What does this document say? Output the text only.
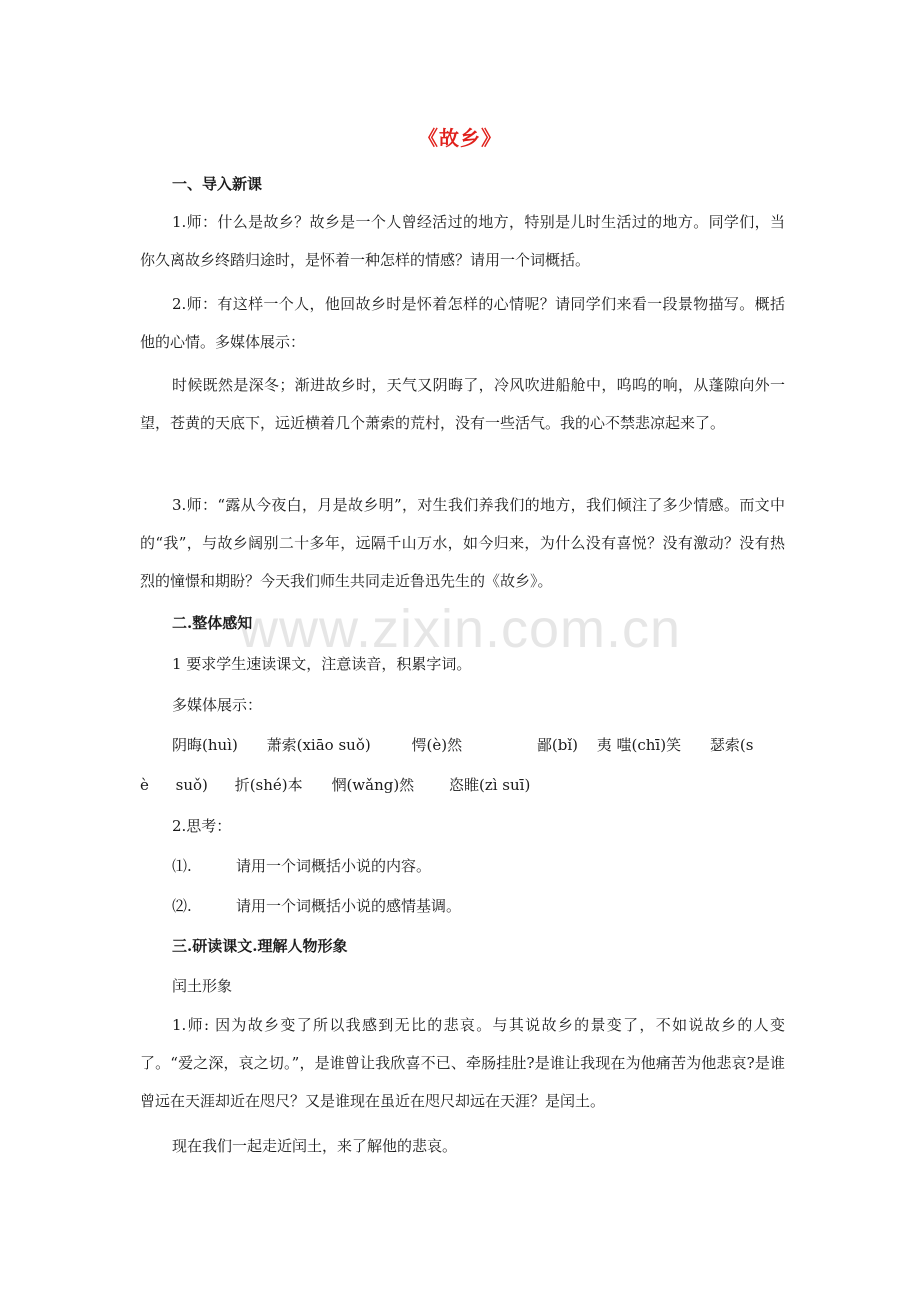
www.zixin.com.cn
《故乡》
一、导入新课
1.师：什么是故乡？故乡是一个人曾经活过的地方，特别是儿时生活过的地方。同学们，当你久离故乡终踏归途时，是怀着一种怎样的情感？请用一个词概括。
2.师：有这样一个人，他回故乡时是怀着怎样的心情呢？请同学们来看一段景物描写。概括他的心情。多媒体展示：
时候既然是深冬；渐进故乡时，天气又阴晦了，冷风吹进船舱中，呜呜的响，从蓬隙向外一望，苍黄的天底下，远近横着几个萧索的荒村，没有一些活气。我的心不禁悲凉起来了。
3.师：“露从今夜白，月是故乡明”，对生我们养我们的地方，我们倾注了多少情感。而文中的“我”，与故乡阔别二十多年，远隔千山万水，如今归来，为什么没有喜悦？没有激动？没有热烈的憧憬和期盼？今天我们师生共同走近鲁迅先生的《故乡》。
二.整体感知
1 要求学生速读课文，注意读音，积累字词。
多媒体展示：
阴晦(huì) 萧索(xiāo suǒ)	愕(è)然	鄙(bǐ) 夷 嗤(chī)笑 瑟索(s
è suǒ) 折(shé)本 惘(wǎng)然 恣睢(zì suī)
2.思考：
⑴.	请用一个词概括小说的内容。
⑵.	请用一个词概括小说的感情基调。
三.研读课文.理解人物形象
闰土形象
1.师: 因为故乡变了所以我感到无比的悲哀。与其说故乡的景变了，不如说故乡的人变了。“爱之深，哀之切。”，是谁曾让我欣喜不已、牵肠挂肚?是谁让我现在为他痛苦为他悲哀?是谁曾远在天涯却近在咫尺？又是谁现在虽近在咫尺却远在天涯？是闰土。
现在我们一起走近闰土，来了解他的悲哀。
